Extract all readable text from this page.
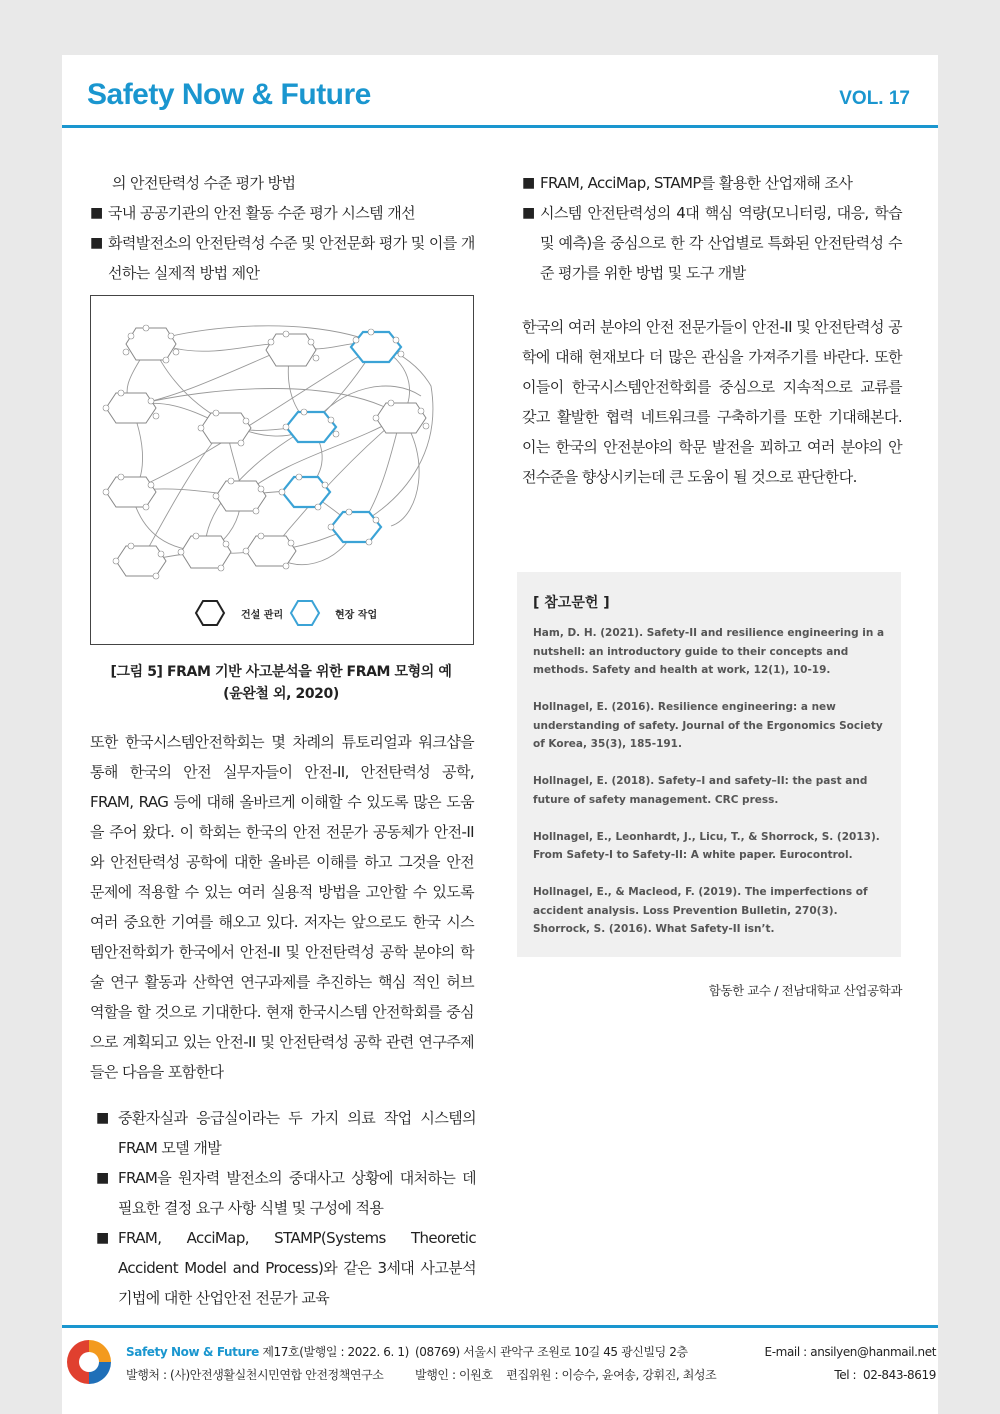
Safety Now & Future	VOL. 17

의 안전탄력성 수준 평가 방법

■ 국내 공공기관의 안전 활동 수준 평가 시스템 개선

■ 화력발전소의 안전탄력성 수준 및 안전문화 평가 및 이를 개선하는 실제적 방법 제안

건설 관리	현장 작업
[그림 5] FRAM 기반 사고분석을 위한 FRAM 모형의 예
(윤완철 외, 2020)

또한 한국시스템안전학회는 몇 차례의 튜토리얼과 워크샵을 통해 한국의 안전 실무자들이 안전-II, 안전탄력성 공학, FRAM, RAG 등에 대해 올바르게 이해할 수 있도록 많은 도움을 주어 왔다. 이 학회는 한국의 안전 전문가 공동체가 안전-II와 안전탄력성 공학에 대한 올바른 이해를 하고 그것을 안전 문제에 적용할 수 있는 여러 실용적 방법을 고안할 수 있도록 여러 중요한 기여를 해오고 있다. 저자는 앞으로도 한국 시스템안전학회가 한국에서 안전-II 및 안전탄력성 공학 분야의 학술 연구 활동과 산학연 연구과제를 추진하는 핵심 적인 허브 역할을 할 것으로 기대한다. 현재 한국시스템 안전학회를 중심으로 계획되고 있는 안전-II 및 안전탄력성 공학 관련 연구주제들은 다음을 포함한다

■ 중환자실과 응급실이라는 두 가지 의료 작업 시스템의 FRAM 모델 개발

■ FRAM을 원자력 발전소의 중대사고 상황에 대처하는 데 필요한 결정 요구 사항 식별 및 구성에 적용

■ FRAM, AcciMap, STAMP(Systems Theoretic Accident Model and Process)와 같은 3세대 사고분석기법에 대한 산업안전 전문가 교육

■ FRAM, AcciMap, STAMP를 활용한 산업재해 조사

■ 시스템 안전탄력성의 4대 핵심 역량(모니터링, 대응, 학습 및 예측)을 중심으로 한 각 산업별로 특화된 안전탄력성 수준 평가를 위한 방법 및 도구 개발

한국의 여러 분야의 안전 전문가들이 안전-II 및 안전탄력성 공학에 대해 현재보다 더 많은 관심을 가져주기를 바란다. 또한 이들이 한국시스템안전학회를 중심으로 지속적으로 교류를 갖고 활발한 협력 네트워크를 구축하기를 또한 기대해본다. 이는 한국의 안전분야의 학문 발전을 꾀하고 여러 분야의 안전수준을 향상시키는데 큰 도움이 될 것으로 판단한다.

[ 참고문헌 ]

Ham, D. H. (2021). Safety-II and resilience engineering in a nutshell: an introductory guide to their concepts and methods. Safety and health at work, 12(1), 10-19.

Hollnagel, E. (2016). Resilience engineering: a new understanding of safety. Journal of the Ergonomics Society of Korea, 35(3), 185-191.

Hollnagel, E. (2018). Safety–I and safety–II: the past and future of safety management. CRC press.

Hollnagel, E., Leonhardt, J., Licu, T., & Shorrock, S. (2013). From Safety-I to Safety-II: A white paper. Eurocontrol.

Hollnagel, E., & Macleod, F. (2019). The imperfections of accident analysis. Loss Prevention Bulletin, 270(3).

Shorrock, S. (2016). What Safety-II isn’t.

함동한 교수 / 전남대학교 산업공학과
Safety Now & Future 제17호(발행일 : 2022. 6. 1)
발행처 : (사)안전생활실천시민연합 안전정책연구소
(08769) 서울시 관악구 조원로 10길 45 광신빌딩 2층
발행인 : 이원호    편집위원 : 이승수, 윤여송, 강휘진, 최성조
E-mail : ansilyen@hanmail.net
Tel :  02-843-8619
